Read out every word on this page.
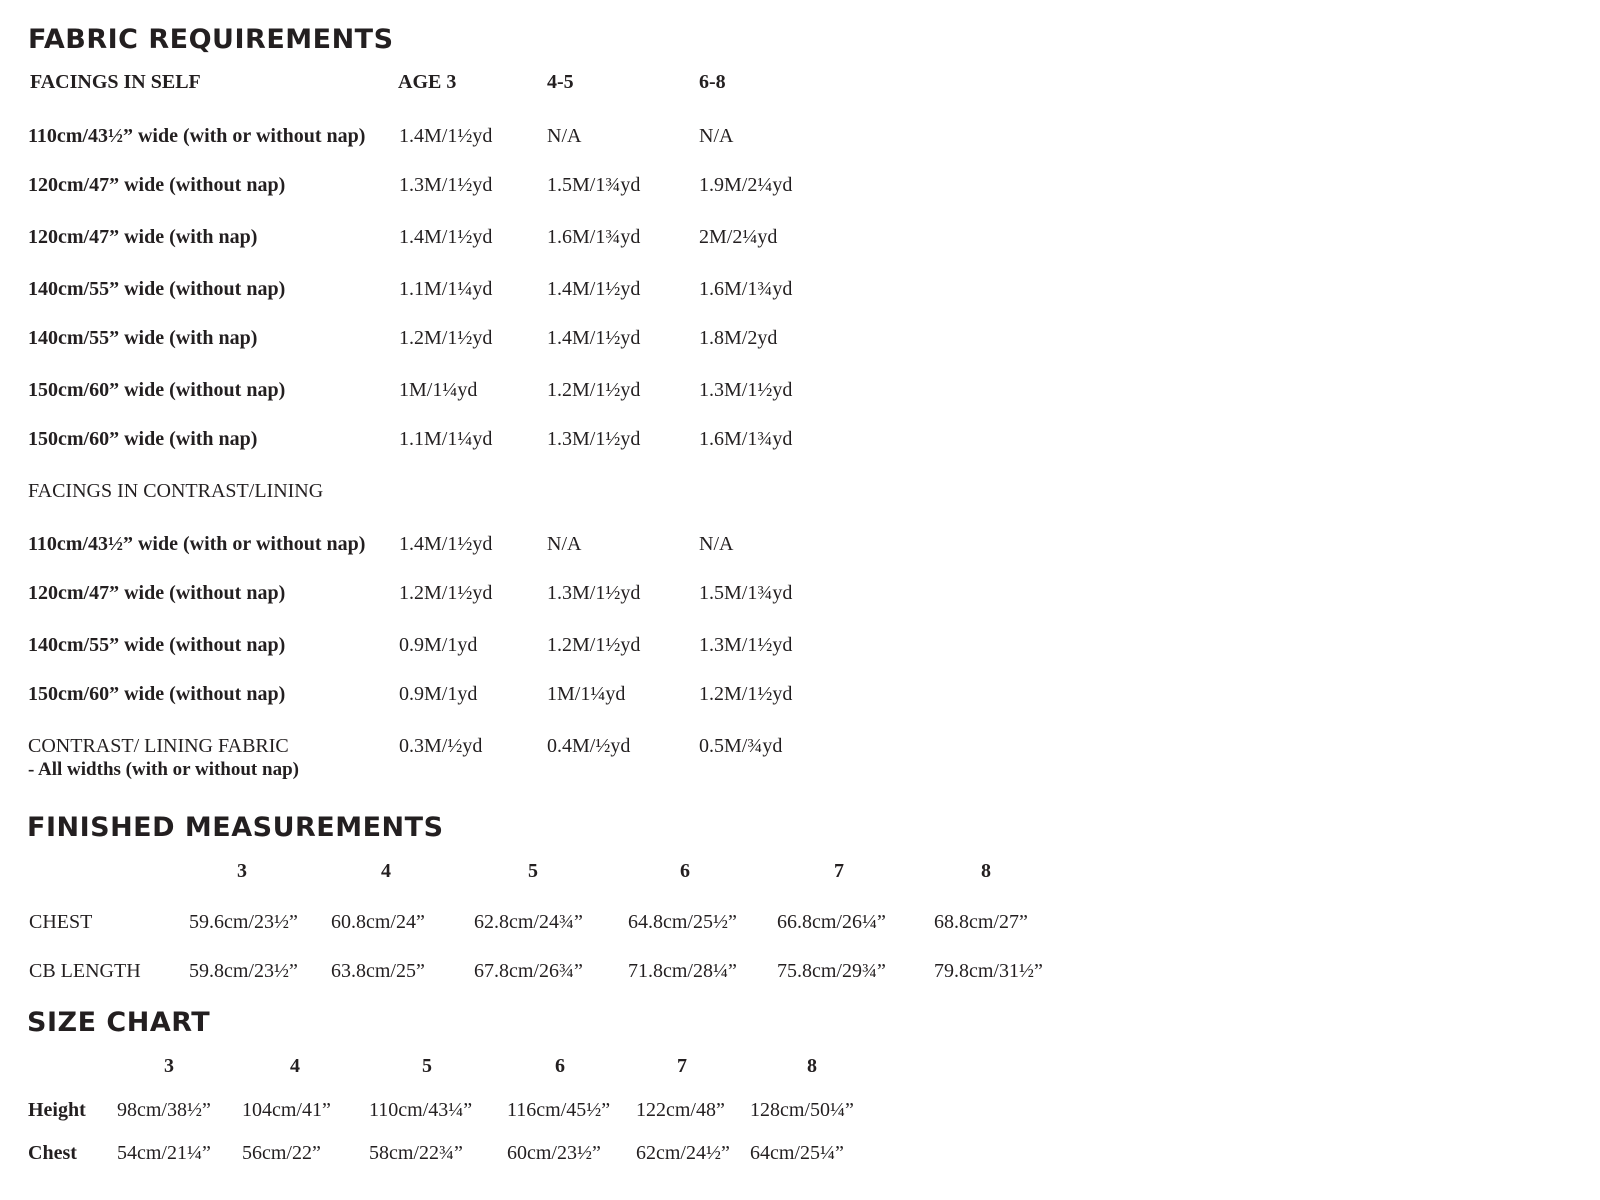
FABRIC REQUIREMENTS
FACINGS IN SELF	AGE 3	4-5	6-8
110cm/43½” wide (with or without nap) 1.4M/1½yd	N/A	N/A
120cm/47” wide (without nap)	1.3M/1½yd	1.5M/1¾yd	1.9M/2¼yd
120cm/47” wide (with nap)	1.4M/1½yd	1.6M/1¾yd	2M/2¼yd
140cm/55” wide (without nap)	1.1M/1¼yd	1.4M/1½yd	1.6M/1¾yd
140cm/55” wide (with nap)	1.2M/1½yd	1.4M/1½yd	1.8M/2yd
150cm/60” wide (without nap)	1M/1¼yd	1.2M/1½yd	1.3M/1½yd
150cm/60” wide (with nap)	1.1M/1¼yd	1.3M/1½yd	1.6M/1¾yd
FACINGS IN CONTRAST/LINING
110cm/43½” wide (with or without nap) 1.4M/1½yd	N/A	N/A
120cm/47” wide (without nap)	1.2M/1½yd	1.3M/1½yd	1.5M/1¾yd
140cm/55” wide (without nap)	0.9M/1yd	1.2M/1½yd	1.3M/1½yd
150cm/60” wide (without nap)	0.9M/1yd	1M/1¼yd	1.2M/1½yd
CONTRAST/ LINING FABRIC
- All widths (with or without nap)
0.3M/½yd	0.4M/½yd	0.5M/¾yd
FINISHED MEASUREMENTS
3	4	5	6	7	8
CHEST	59.6cm/23½” 60.8cm/24” 62.8cm/24¾” 64.8cm/25½” 66.8cm/26¼” 68.8cm/27”
CB LENGTH 59.8cm/23½” 63.8cm/25” 67.8cm/26¾” 71.8cm/28¼” 75.8cm/29¾” 79.8cm/31½”
SIZE CHART
3	4	5	6	7	8
Height 98cm/38½” 104cm/41” 110cm/43¼” 116cm/45½” 122cm/48” 128cm/50¼”
Chest 54cm/21¼” 56cm/22” 58cm/22¾” 60cm/23½” 62cm/24½” 64cm/25¼”
